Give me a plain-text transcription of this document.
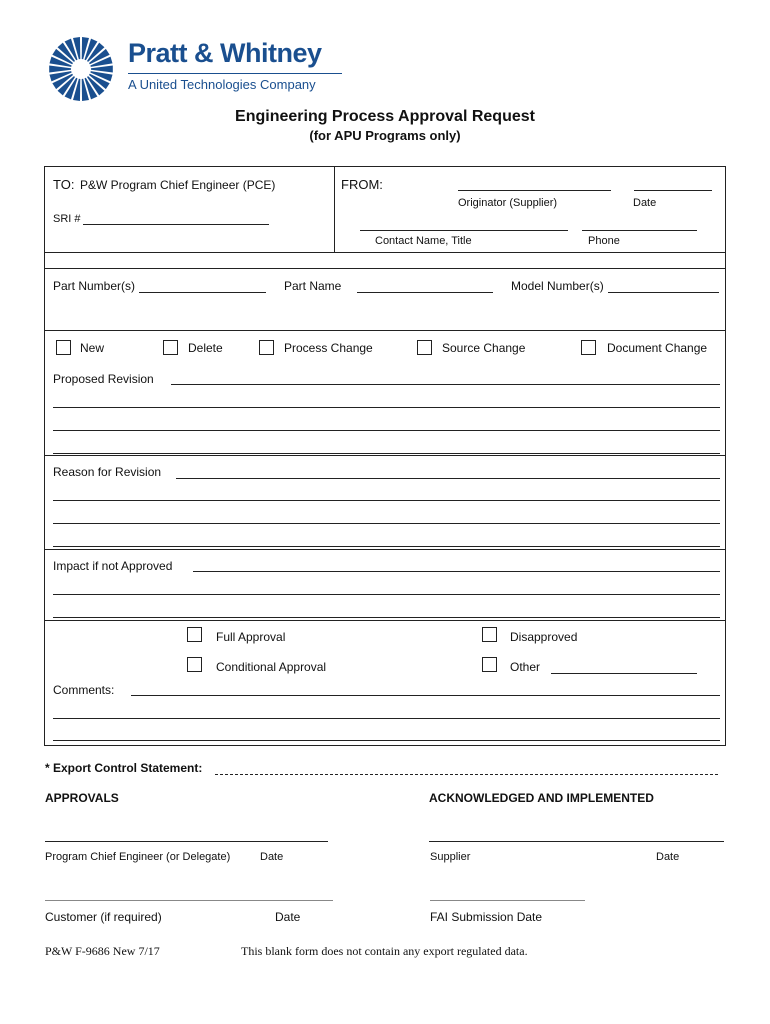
Pratt & Whitney
A United Technologies Company
Engineering Process Approval Request
(for APU Programs only)
TO: P&W Program Chief Engineer (PCE)
SRI #
FROM:
Originator (Supplier)	Date
Contact Name, Title	Phone
Part Number(s)	Part Name	Model Number(s)
New	Delete	Process Change	Source Change	Document Change
Proposed Revision
Reason for Revision
Impact if not Approved
Full Approval	Disapproved
Conditional Approval	Other
Comments:
* Export Control Statement:
APPROVALS	ACKNOWLEDGED AND IMPLEMENTED
Program Chief Engineer (or Delegate)	Date	Supplier	Date
Customer (if required)	Date	FAI Submission Date
P&W F-9686 New 7/17	This blank form does not contain any export regulated data.
